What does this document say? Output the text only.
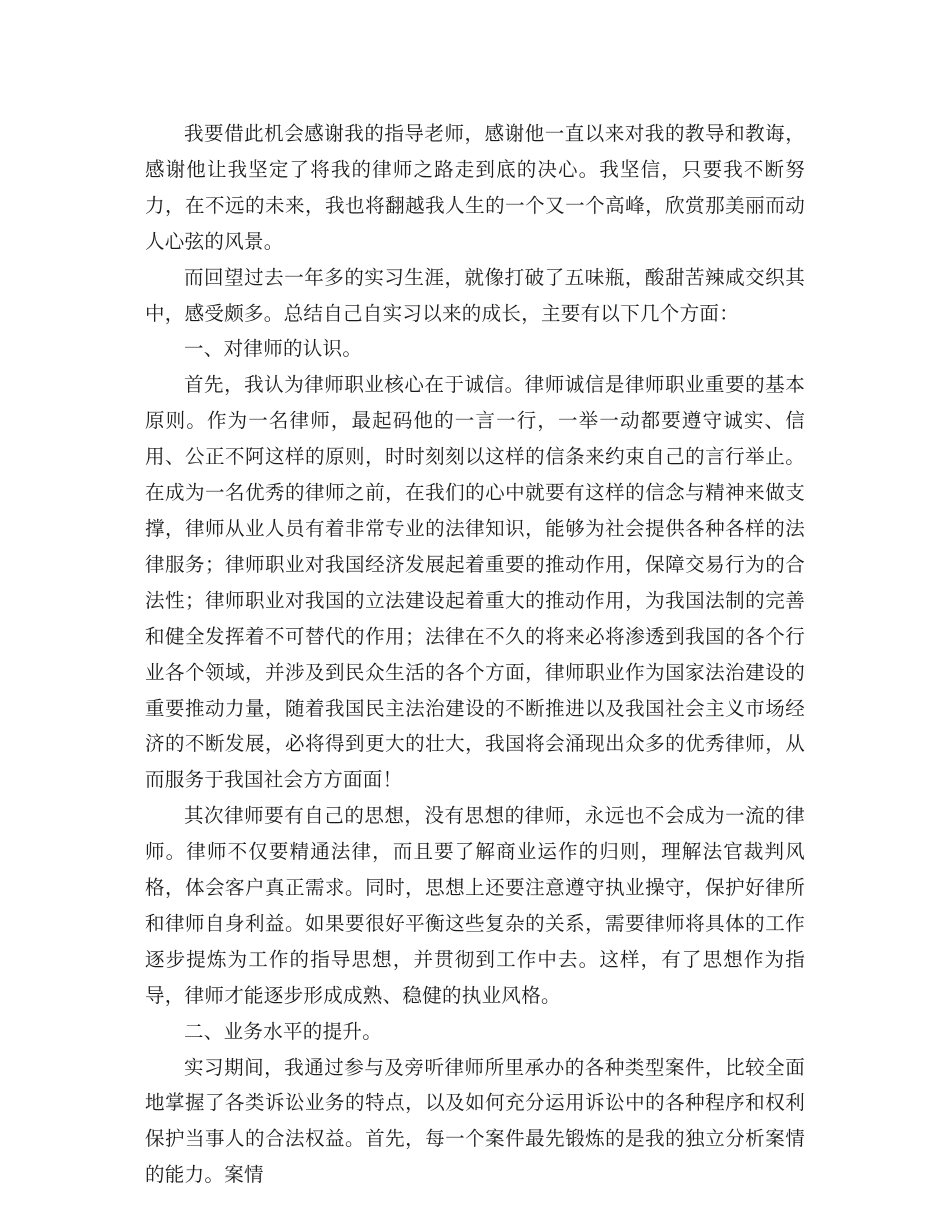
我要借此机会感谢我的指导老师，感谢他一直以来对我的教导和教诲，感谢他让我坚定了将我的律师之路走到底的决心。我坚信，只要我不断努力，在不远的未来，我也将翻越我人生的一个又一个高峰，欣赏那美丽而动人心弦的风景。

而回望过去一年多的实习生涯，就像打破了五味瓶，酸甜苦辣咸交织其中，感受颇多。总结自己自实习以来的成长，主要有以下几个方面：

一、对律师的认识。

首先，我认为律师职业核心在于诚信。律师诚信是律师职业重要的基本原则。作为一名律师，最起码他的一言一行，一举一动都要遵守诚实、信用、公正不阿这样的原则，时时刻刻以这样的信条来约束自己的言行举止。在成为一名优秀的律师之前，在我们的心中就要有这样的信念与精神来做支撑，律师从业人员有着非常专业的法律知识，能够为社会提供各种各样的法律服务；律师职业对我国经济发展起着重要的推动作用，保障交易行为的合法性；律师职业对我国的立法建设起着重大的推动作用，为我国法制的完善和健全发挥着不可替代的作用；法律在不久的将来必将渗透到我国的各个行业各个领域，并涉及到民众生活的各个方面，律师职业作为国家法治建设的重要推动力量，随着我国民主法治建设的不断推进以及我国社会主义市场经济的不断发展，必将得到更大的壮大，我国将会涌现出众多的优秀律师，从而服务于我国社会方方面面！

其次律师要有自己的思想，没有思想的律师，永远也不会成为一流的律师。律师不仅要精通法律，而且要了解商业运作的归则，理解法官裁判风格，体会客户真正需求。同时，思想上还要注意遵守执业操守，保护好律所和律师自身利益。如果要很好平衡这些复杂的关系，需要律师将具体的工作逐步提炼为工作的指导思想，并贯彻到工作中去。这样，有了思想作为指导，律师才能逐步形成成熟、稳健的执业风格。

二、业务水平的提升。

实习期间，我通过参与及旁听律师所里承办的各种类型案件，比较全面地掌握了各类诉讼业务的特点，以及如何充分运用诉讼中的各种程序和权利保护当事人的合法权益。首先，每一个案件最先锻炼的是我的独立分析案情的能力。案情
